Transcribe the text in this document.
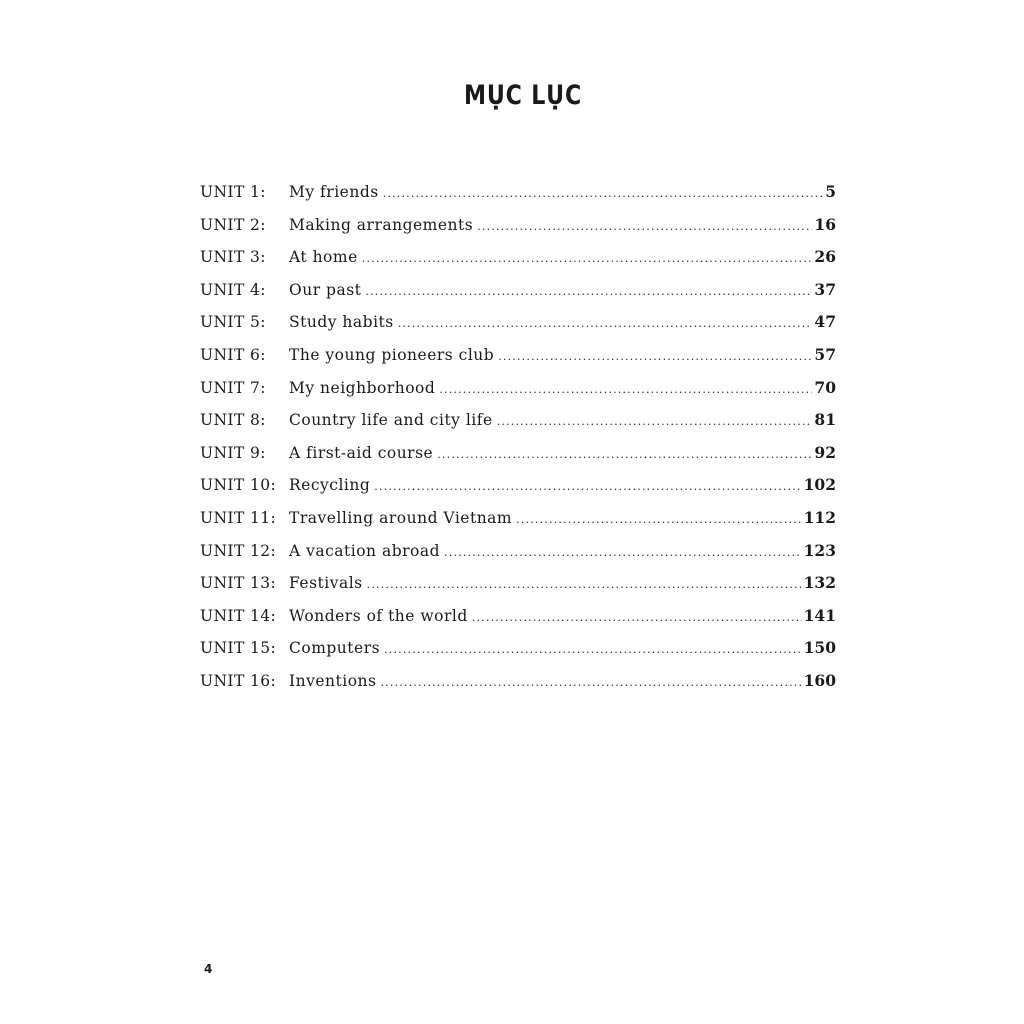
MỤC LỤC
UNIT 1:	My friends .....	5
UNIT 2:	Making arrangements .....	16
UNIT 3:	At home .....	26
UNIT 4:	Our past .....	37
UNIT 5:	Study habits .....	47
UNIT 6:	The young pioneers club .....	57
UNIT 7:	My neighborhood .....	70
UNIT 8:	Country life and city life .....	81
UNIT 9:	A first-aid course .....	92
UNIT 10: Recycling .....	102
UNIT 11: Travelling around Vietnam .....	112
UNIT 12: A vacation abroad .....	123
UNIT 13: Festivals .....	132
UNIT 14: Wonders of the world .....	141
UNIT 15: Computers .....	150
UNIT 16: Inventions .....	160
4
